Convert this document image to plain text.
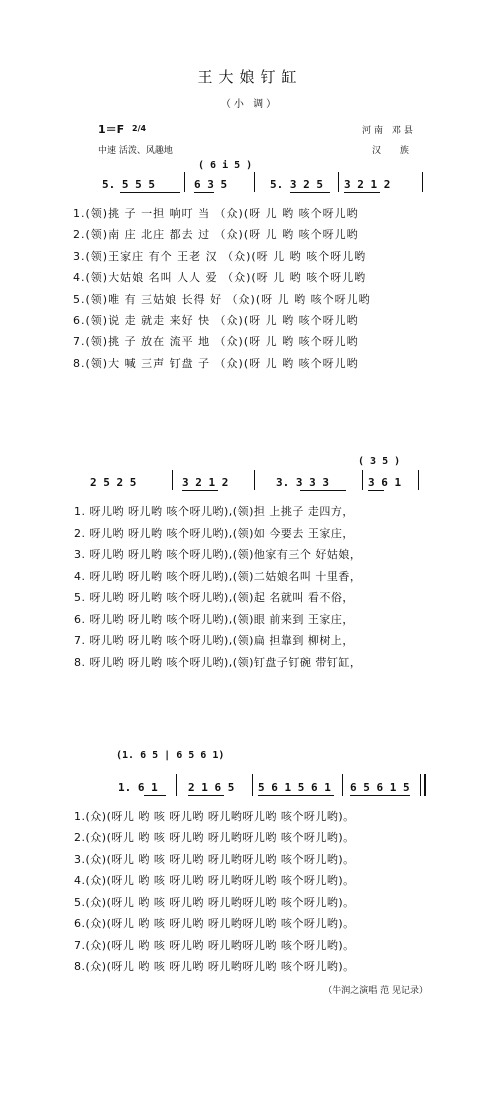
王大娘钉缸
（小 调）
1＝F 2/4
中速 活泼、风趣地
河南 邓县
汉 族
( 6 i 5 )
5. 5 5 5	6 3 5	5. 3 2 5 3 2 1 2
1.(领)挑 子 一担 响叮 当 （众)(呀 儿 哟 咳个呀儿哟
2.(领)南 庄 北庄 都去 过 （众)(呀 儿 哟 咳个呀儿哟
3.(领)王家庄 有个 王老 汉 （众)(呀 儿 哟 咳个呀儿哟
4.(领)大姑娘 名叫 人人 爱 （众)(呀 儿 哟 咳个呀儿哟
5.(领)唯 有 三姑娘 长得 好 （众)(呀 儿 哟 咳个呀儿哟
6.(领)说 走 就走 来好 快 （众)(呀 儿 哟 咳个呀儿哟
7.(领)挑 子 放在 流平 地 （众)(呀 儿 哟 咳个呀儿哟
8.(领)大 喊 三声 钉盘 子 （众)(呀 儿 哟 咳个呀儿哟
( 3 5 )
2 5 2 5	3 2 1 2	3. 3 3 3	3 6 1
1. 呀儿哟 呀儿哟 咳个呀儿哟),(领)担 上挑子 走四方，
2. 呀儿哟 呀儿哟 咳个呀儿哟),(领)如 今要去 王家庄，
3. 呀儿哟 呀儿哟 咳个呀儿哟),(领)他家有三个 好姑娘，
4. 呀儿哟 呀儿哟 咳个呀儿哟),(领)二姑娘名叫 十里香，
5. 呀儿哟 呀儿哟 咳个呀儿哟),(领)起 名就叫 看不俗，
6. 呀儿哟 呀儿哟 咳个呀儿哟),(领)眼 前来到 王家庄，
7. 呀儿哟 呀儿哟 咳个呀儿哟),(领)扁 担靠到 柳树上，
8. 呀儿哟 呀儿哟 咳个呀儿哟),(领)钉盘子钉碗 带钉缸，
(1. 6 5 | 6 5 6 1)
1. 6 1	2 1 6 5 5 6 1 5 6 1 6 5 6 1 5
1.(众)(呀儿 哟 咳 呀儿哟 呀儿哟呀儿哟 咳个呀儿哟)。
2.(众)(呀儿 哟 咳 呀儿哟 呀儿哟呀儿哟 咳个呀儿哟)。
3.(众)(呀儿 哟 咳 呀儿哟 呀儿哟呀儿哟 咳个呀儿哟)。
4.(众)(呀儿 哟 咳 呀儿哟 呀儿哟呀儿哟 咳个呀儿哟)。
5.(众)(呀儿 哟 咳 呀儿哟 呀儿哟呀儿哟 咳个呀儿哟)。
6.(众)(呀儿 哟 咳 呀儿哟 呀儿哟呀儿哟 咳个呀儿哟)。
7.(众)(呀儿 哟 咳 呀儿哟 呀儿哟呀儿哟 咳个呀儿哟)。
8.(众)(呀儿 哟 咳 呀儿哟 呀儿哟呀儿哟 咳个呀儿哟)。
（牛润之演唱 范 见记录）
